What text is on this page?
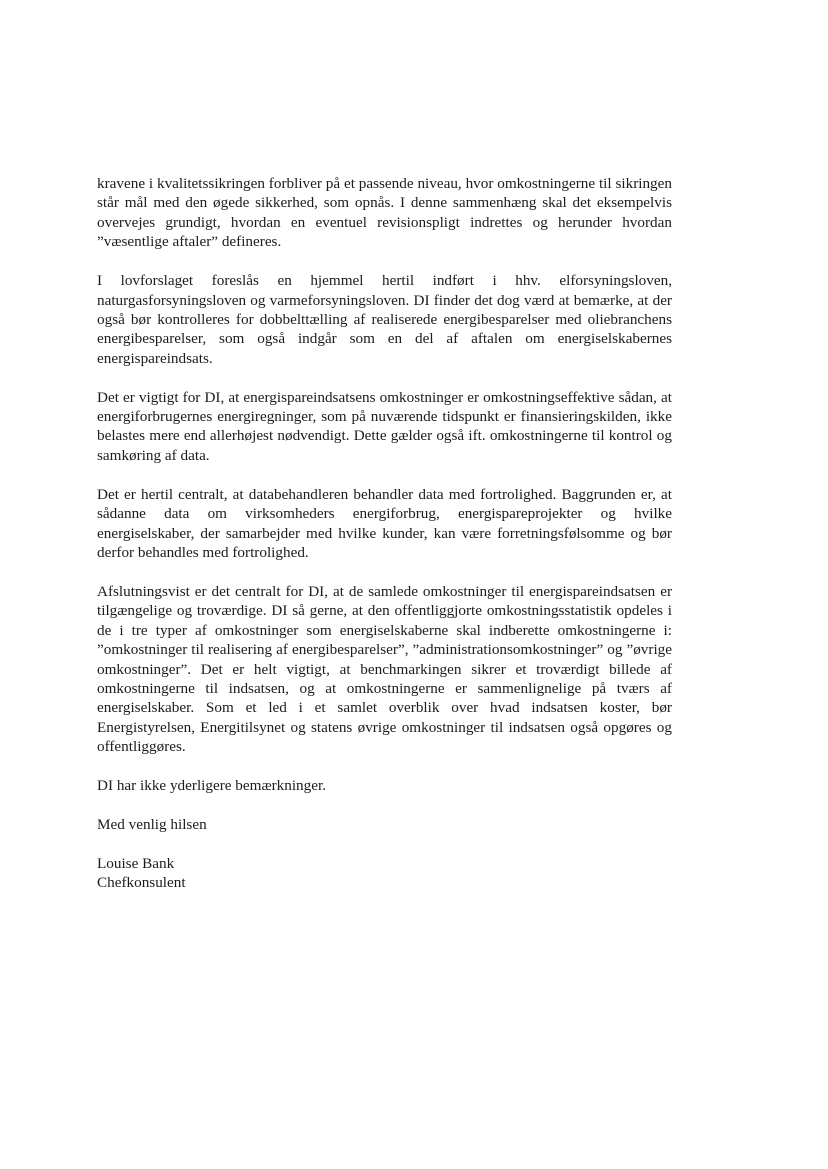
kravene i kvalitetssikringen forbliver på et passende niveau, hvor omkostningerne til sikringen står mål med den øgede sikkerhed, som opnås. I denne sammenhæng skal det eksempelvis overvejes grundigt, hvordan en eventuel revisionspligt indrettes og herunder hvordan ”væsentlige aftaler” defineres.

I lovforslaget foreslås en hjemmel hertil indført i hhv. elforsyningsloven, naturgasforsyningsloven og varmeforsyningsloven. DI finder det dog værd at bemærke, at der også bør kontrolleres for dobbelttælling af realiserede energibesparelser med oliebranchens energibesparelser, som også indgår som en del af aftalen om energiselskabernes energispareindsats.

Det er vigtigt for DI, at energispareindsatsens omkostninger er omkostningseffektive sådan, at energiforbrugernes energiregninger, som på nuværende tidspunkt er finansieringskilden, ikke belastes mere end allerhøjest nødvendigt. Dette gælder også ift. omkostningerne til kontrol og samkøring af data.

Det er hertil centralt, at databehandleren behandler data med fortrolighed. Baggrunden er, at sådanne data om virksomheders energiforbrug, energispareprojekter og hvilke energiselskaber, der samarbejder med hvilke kunder, kan være forretningsfølsomme og bør derfor behandles med fortrolighed.

Afslutningsvist er det centralt for DI, at de samlede omkostninger til energispareindsatsen er tilgængelige og troværdige. DI så gerne, at den offentliggjorte omkostningsstatistik opdeles i de i tre typer af omkostninger som energiselskaberne skal indberette omkostningerne i: ”omkostninger til realisering af energibesparelser”, ”administrationsomkostninger” og ”øvrige omkostninger”. Det er helt vigtigt, at benchmarkingen sikrer et troværdigt billede af omkostningerne til indsatsen, og at omkostningerne er sammenlignelige på tværs af energiselskaber. Som et led i et samlet overblik over hvad indsatsen koster, bør Energistyrelsen, Energitilsynet og statens øvrige omkostninger til indsatsen også opgøres og offentliggøres.

DI har ikke yderligere bemærkninger.

Med venlig hilsen

Louise Bank
Chefkonsulent
